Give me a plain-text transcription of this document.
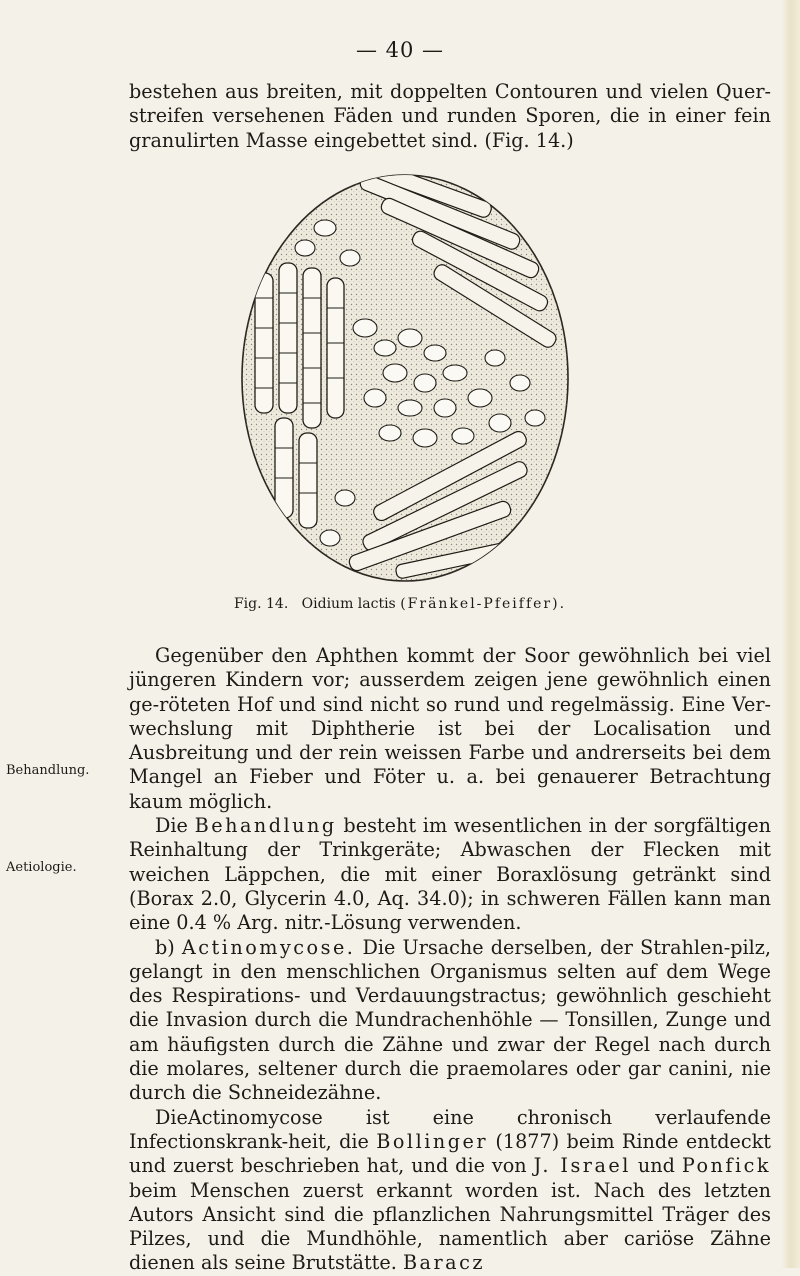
— 40 —

bestehen aus breiten, mit doppelten Contouren und vielen Quer-streifen versehenen Fäden und runden Sporen, die in einer fein granulirten Masse eingebettet sind. (Fig. 14.)

Fig. 14. Oidium lactis (Fränkel-Pfeiffer).
Behandlung.
Aetiologie.

Gegenüber den Aphthen kommt der Soor gewöhnlich bei viel jüngeren Kindern vor; ausserdem zeigen jene gewöhnlich einen ge-röteten Hof und sind nicht so rund und regelmässig. Eine Ver-wechslung mit Diphtherie ist bei der Localisation und Ausbreitung und der rein weissen Farbe und andrerseits bei dem Mangel an Fieber und Föter u. a. bei genauerer Betrachtung kaum möglich.

Die Behandlung besteht im wesentlichen in der sorgfältigen Reinhaltung der Trinkgeräte; Abwaschen der Flecken mit weichen Läppchen, die mit einer Boraxlösung getränkt sind (Borax 2.0, Glycerin 4.0, Aq. 34.0); in schweren Fällen kann man eine 0.4 % Arg. nitr.-Lösung verwenden.

b) Actinomycose. Die Ursache derselben, der Strahlen-pilz, gelangt in den menschlichen Organismus selten auf dem Wege des Respirations- und Verdauungstractus; gewöhnlich geschieht die Invasion durch die Mundrachenhöhle — Tonsillen, Zunge und am häufigsten durch die Zähne und zwar der Regel nach durch die molares, seltener durch die praemolares oder gar canini, nie durch die Schneidezähne.

DieActinomycose ist eine chronisch verlaufende Infectionskrank-heit, die Bollinger (1877) beim Rinde entdeckt und zuerst beschrieben hat, und die von J. Israel und Ponfick beim Menschen zuerst erkannt worden ist. Nach des letzten Autors Ansicht sind die pflanzlichen Nahrungsmittel Träger des Pilzes, und die Mundhöhle, namentlich aber cariöse Zähne dienen als seine Brutstätte. Baracz
